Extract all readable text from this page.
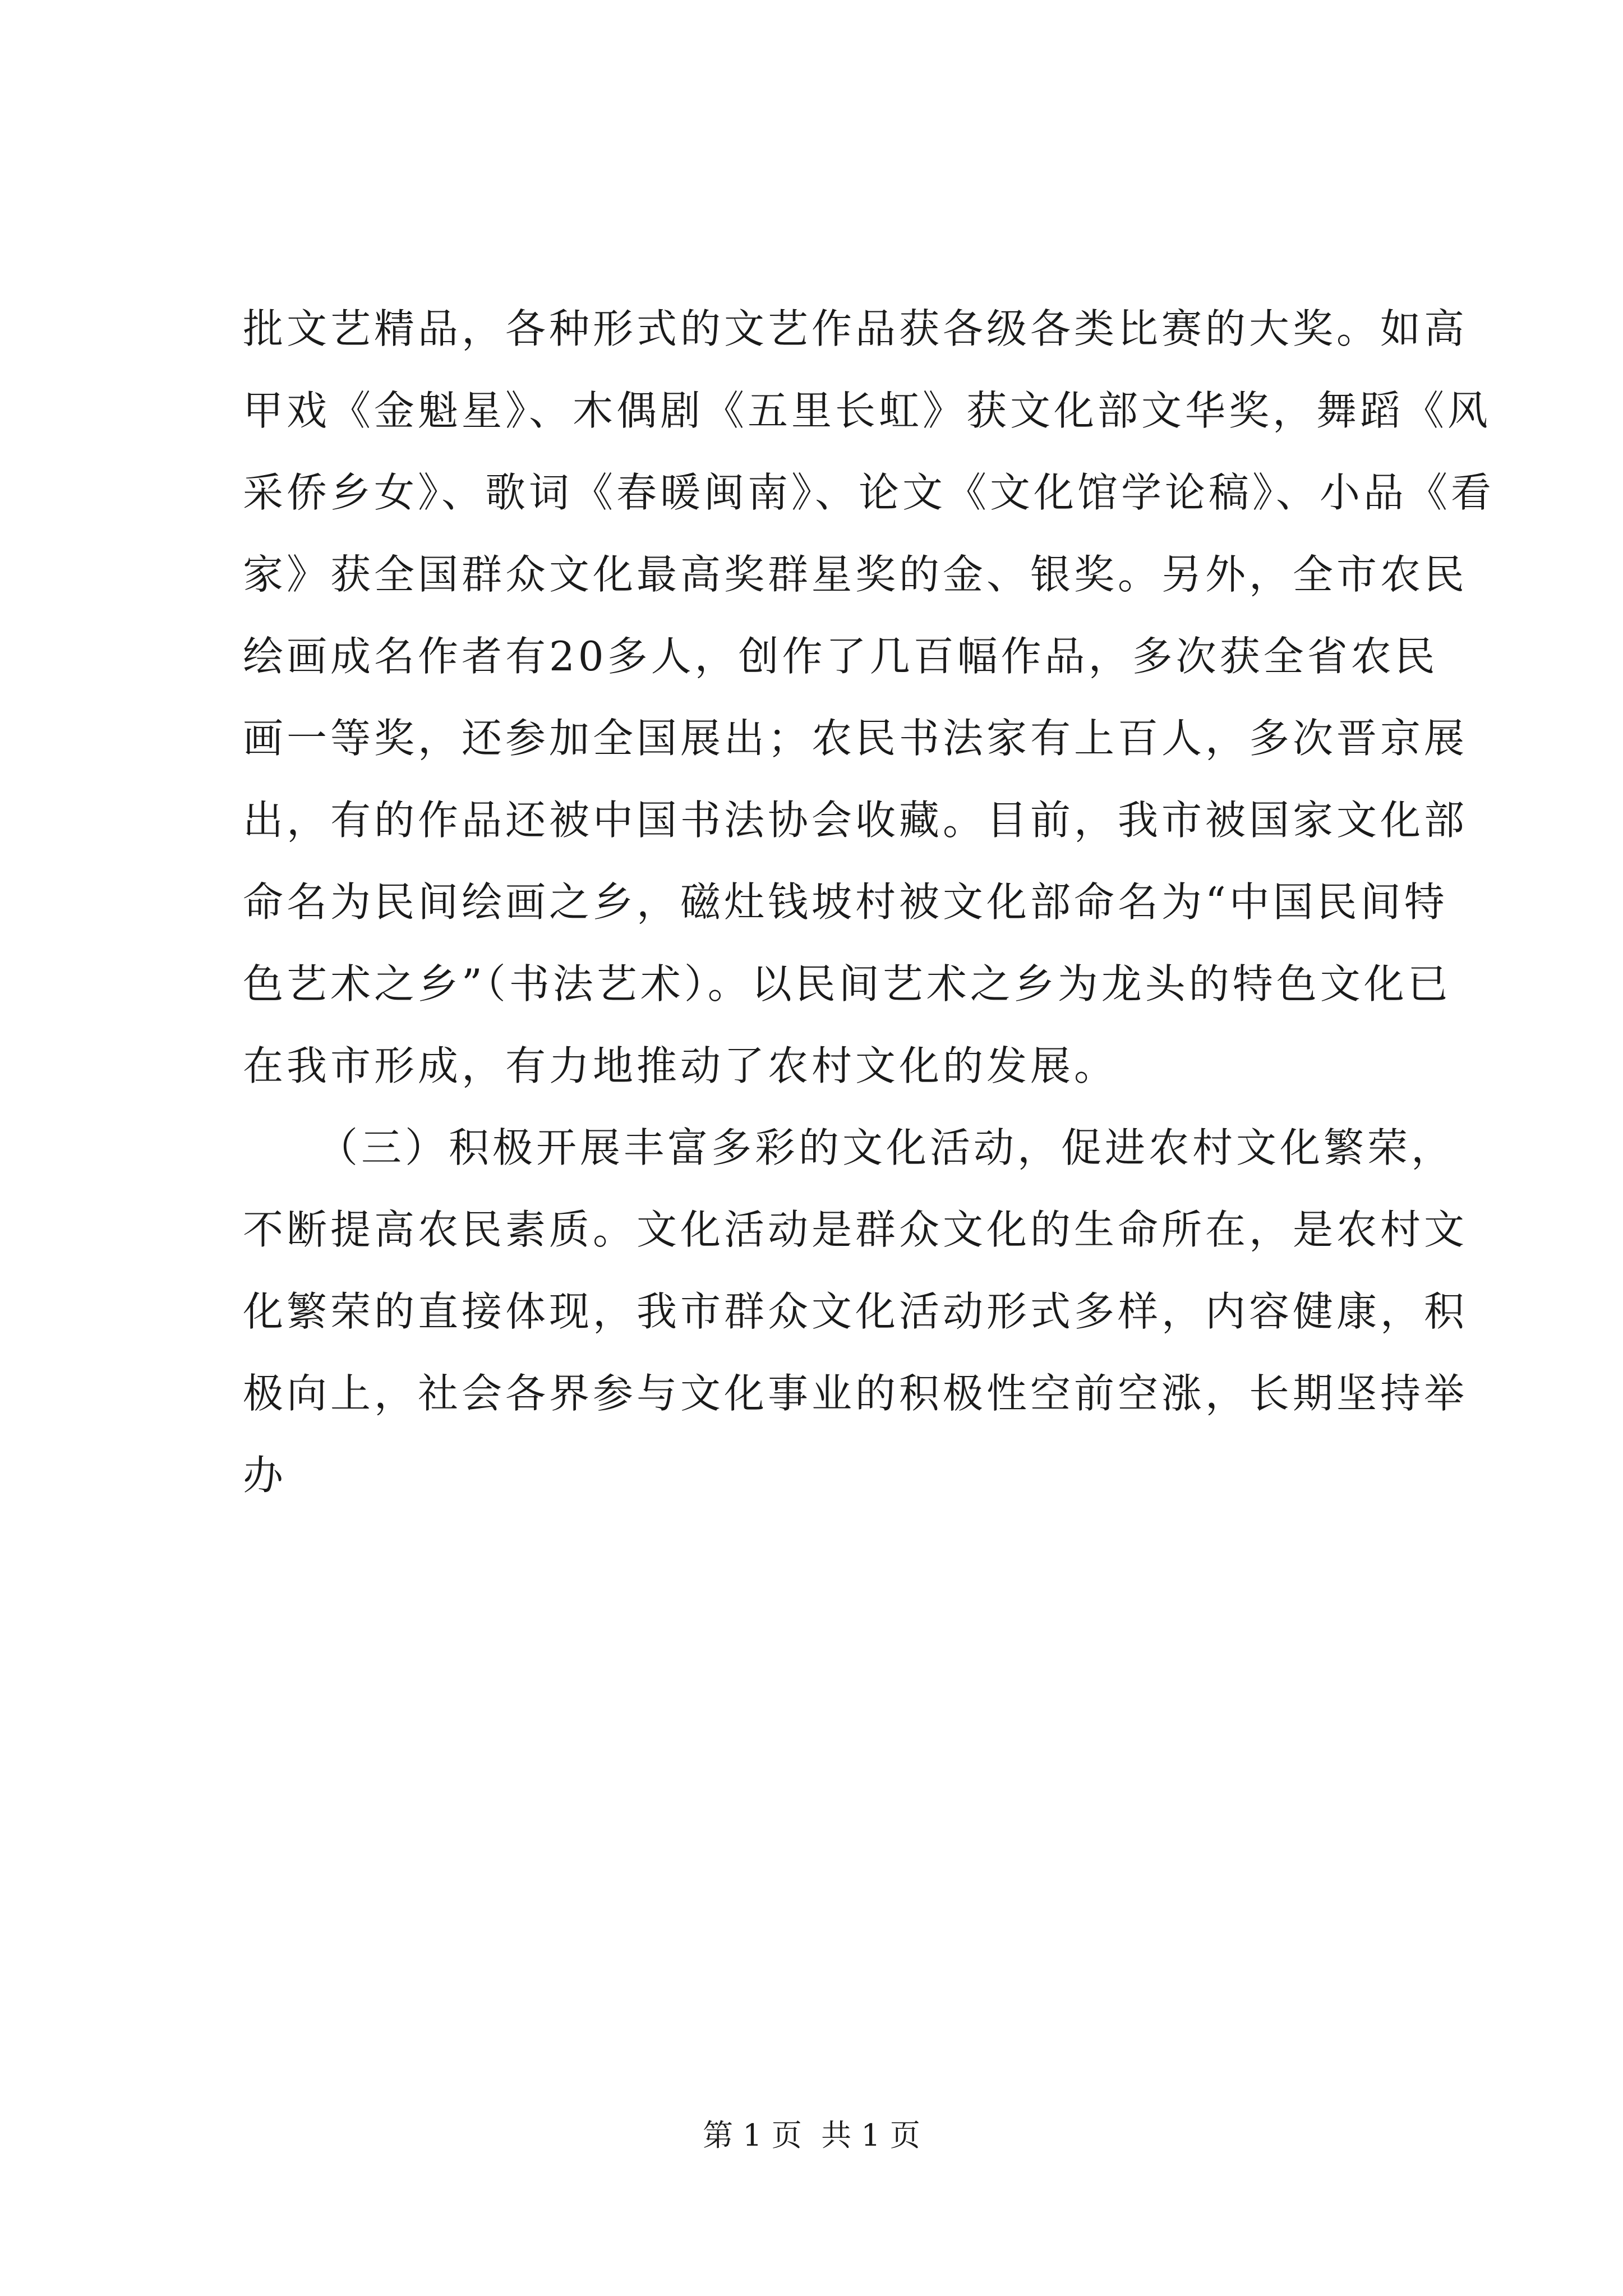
批文艺精品，各种形式的文艺作品获各级各类比赛的大奖。如高
甲戏《金魁星》、木偶剧《五里长虹》获文化部文华奖，舞蹈《风
采侨乡女》、歌词《春暖闽南》、论文《文化馆学论稿》、小品《看
家》获全国群众文化最高奖群星奖的金、银奖。另外，全市农民
绘画成名作者有20多人，创作了几百幅作品，多次获全省农民
画一等奖，还参加全国展出；农民书法家有上百人，多次晋京展
出，有的作品还被中国书法协会收藏。目前，我市被国家文化部
命名为民间绘画之乡，磁灶钱坡村被文化部命名为“中国民间特
色艺术之乡”（书法艺术）。以民间艺术之乡为龙头的特色文化已
在我市形成，有力地推动了农村文化的发展。
（三）积极开展丰富多彩的文化活动，促进农村文化繁荣，
不断提高农民素质。文化活动是群众文化的生命所在，是农村文
化繁荣的直接体现，我市群众文化活动形式多样，内容健康，积
极向上，社会各界参与文化事业的积极性空前空涨，长期坚持举
办
第 1 页  共 1 页
